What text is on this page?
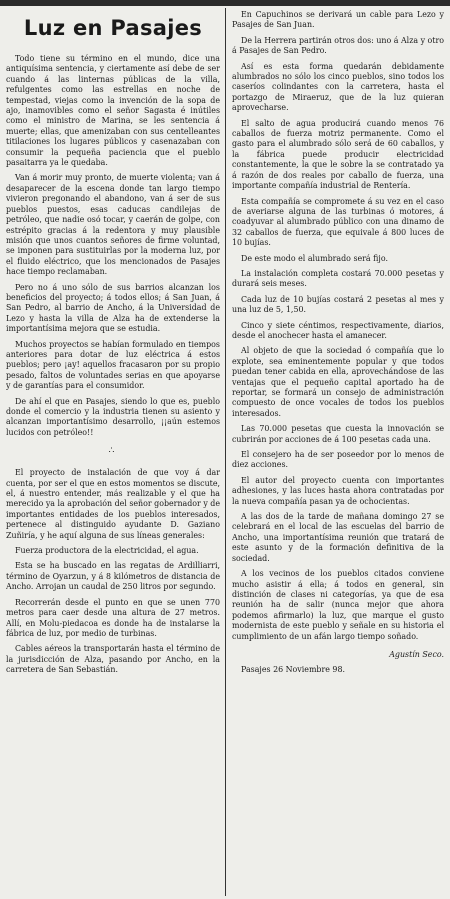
Luz en Pasajes

Todo tiene su término en el mundo, dice una antiquísima sentencia, y ciertamente así debe de ser cuando á las linternas públicas de la villa, refulgentes como las estrellas en noche de tempestad, viejas como la invención de la sopa de ajo, inamovibles como el señor Sagasta é inútiles como el ministro de Marina, se les sentencia á muerte; ellas, que amenizaban con sus centelleantes titilaciones los lugares públicos y casenazaban con consumir la pequeña paciencia que el pueblo pasaitarra ya le quedaba.

Van á morir muy pronto, de muerte violenta; van á desaparecer de la escena donde tan largo tiempo vivieron pregonando el abandono, van á ser de sus pueblos puestos, esas caducas candilejas de petróleo, que nadie osó tocar, y caerán de golpe, con estrépito gracias á la redentora y muy plausible misión que unos cuantos señores de firme voluntad, se imponen para sustituirlas por la moderna luz, por el fluido eléctrico, que los mencionados de Pasajes hace tiempo reclamaban.

Pero no á uno sólo de sus barrios alcanzan los beneficios del proyecto; á todos ellos; á San Juan, á San Pedro, al barrio de Ancho, á la Universidad de Lezo y hasta la villa de Alza ha de extenderse la importantísima mejora que se estudia.

Muchos proyectos se habían formulado en tiempos anteriores para dotar de luz eléctrica á estos pueblos; pero ¡ay! aquellos fracasaron por su propio pesado, faltos de voluntades serias en que apoyarse y de garantías para el consumidor.

De ahí el que en Pasajes, siendo lo que es, pueblo donde el comercio y la industria tienen su asiento y alcanzan importantísimo desarrollo, ¡¡aún estemos lucidos con petróleo!!

∴

El proyecto de instalación de que voy á dar cuenta, por ser el que en estos momentos se discute, el, á nuestro entender, más realizable y el que ha merecido ya la aprobación del señor gobernador y de importantes entidades de los pueblos interesados, pertenece al distinguido ayudante D. Gaziano Zuñiría, y he aquí alguna de sus líneas generales:

Fuerza productora de la electricidad, el agua.

Esta se ha buscado en las regatas de Ardilliarri, término de Oyarzun, y á 8 kilómetros de distancia de Ancho. Arrojan un caudal de 250 litros por segundo.

Recorrerán desde el punto en que se unen 770 metros para caer desde una altura de 27 metros. Allí, en Molu-piedacoa es donde ha de instalarse la fábrica de luz, por medio de turbinas.

Cables aéreos la transportarán hasta el término de la jurisdicción de Alza, pasando por Ancho, en la carretera de San Sebastián.

En Capuchinos se derivará un cable para Lezo y Pasajes de San Juan.

De la Herrera partirán otros dos: uno á Alza y otro á Pasajes de San Pedro.

Así es esta forma quedarán debidamente alumbrados no sólo los cinco pueblos, sino todos los caseríos colindantes con la carretera, hasta el portazgo de Miraeruz, que de la luz quieran aprovecharse.

El salto de agua producirá cuando menos 76 caballos de fuerza motriz permanente. Como el gasto para el alumbrado sólo será de 60 caballos, y la fábrica puede producir electricidad constantemente, la que le sobre la se contratado ya á razón de dos reales por caballo de fuerza, una importante compañía industrial de Rentería.

Esta compañía se compromete á su vez en el caso de averiarse alguna de las turbinas ó motores, á coadyuvar al alumbrado público con una dinamo de 32 caballos de fuerza, que equivale á 800 luces de 10 bujías.

De este modo el alumbrado será fijo.

La instalación completa costará 70.000 pesetas y durará seis meses.

Cada luz de 10 bujías costará 2 pesetas al mes y una luz de 5, 1,50.

Cinco y siete céntimos, respectivamente, diarios, desde el anochecer hasta el amanecer.

Al objeto de que la sociedad ó compañía que lo explote, sea eminentemente popular y que todos puedan tener cabida en ella, aprovechándose de las ventajas que el pequeño capital aportado ha de reportar, se formará un consejo de administración compuesto de once vocales de todos los pueblos interesados.

Las 70.000 pesetas que cuesta la innovación se cubrirán por acciones de á 100 pesetas cada una.

El consejero ha de ser poseedor por lo menos de diez acciones.

El autor del proyecto cuenta con importantes adhesiones, y las luces hasta ahora contratadas por la nueva compañía pasan ya de ochocientas.

A las dos de la tarde de mañana domingo 27 se celebrará en el local de las escuelas del barrio de Ancho, una importantísima reunión que tratará de este asunto y de la formación definitiva de la sociedad.

A los vecinos de los pueblos citados conviene mucho asistir á ella; á todos en general, sin distinción de clases ni categorías, ya que de esa reunión ha de salir (nunca mejor que ahora podemos afirmarlo) la luz, que marque el gusto modernista de este pueblo y señale en su historia el cumplimiento de un afán largo tiempo soñado.

Agustín Seco.

Pasajes 26 Noviembre 98.
